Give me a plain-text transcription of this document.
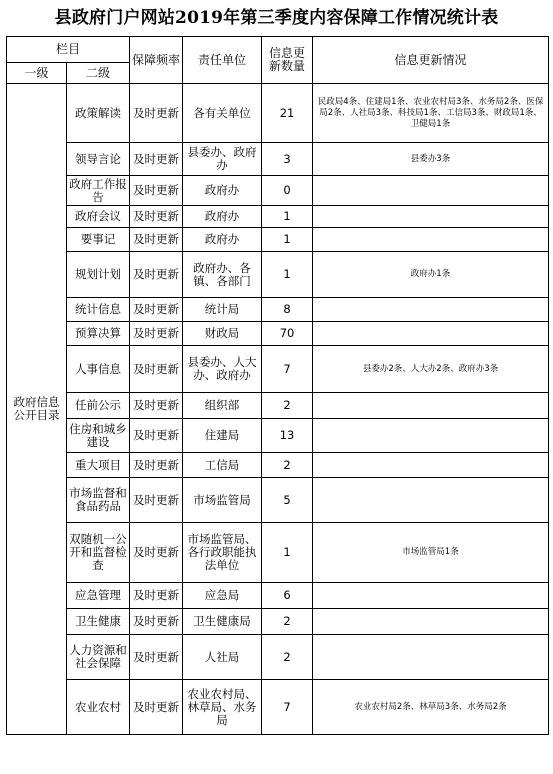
县政府门户网站2019年第三季度内容保障工作情况统计表
栏目		保障频率	责任单位	信息更新数量	信息更新情况
一级	二级				
政府信息公开目录	政策解读	及时更新	各有关单位	21	民政局4条、住建局1条、农业农村局3条、水务局2条、医保局2条、人社局3条、科技局1条、工信局3条、财政局1条、卫健局1条
	领导言论	及时更新	县委办、政府办	3	县委办3条
	政府工作报告	及时更新	政府办	0	
	政府会议	及时更新	政府办	1	
	要事记	及时更新	政府办	1	
	规划计划	及时更新	政府办、各镇、各部门	1	政府办1条
	统计信息	及时更新	统计局	8	
	预算决算	及时更新	财政局	70	
	人事信息	及时更新	县委办、人大办、政府办	7	县委办2条、人大办2条、政府办3条
	任前公示	及时更新	组织部	2	
	住房和城乡建设	及时更新	住建局	13	
	重大项目	及时更新	工信局	2	
	市场监督和食品药品	及时更新	市场监管局	5	
	双随机一公开和监督检查	及时更新	市场监管局、各行政职能执法单位	1	市场监管局1条
	应急管理	及时更新	应急局	6	
	卫生健康	及时更新	卫生健康局	2	
	人力资源和社会保障	及时更新	人社局	2	
	农业农村	及时更新	农业农村局、林草局、水务局	7	农业农村局2条、林草局3条、水务局2条
